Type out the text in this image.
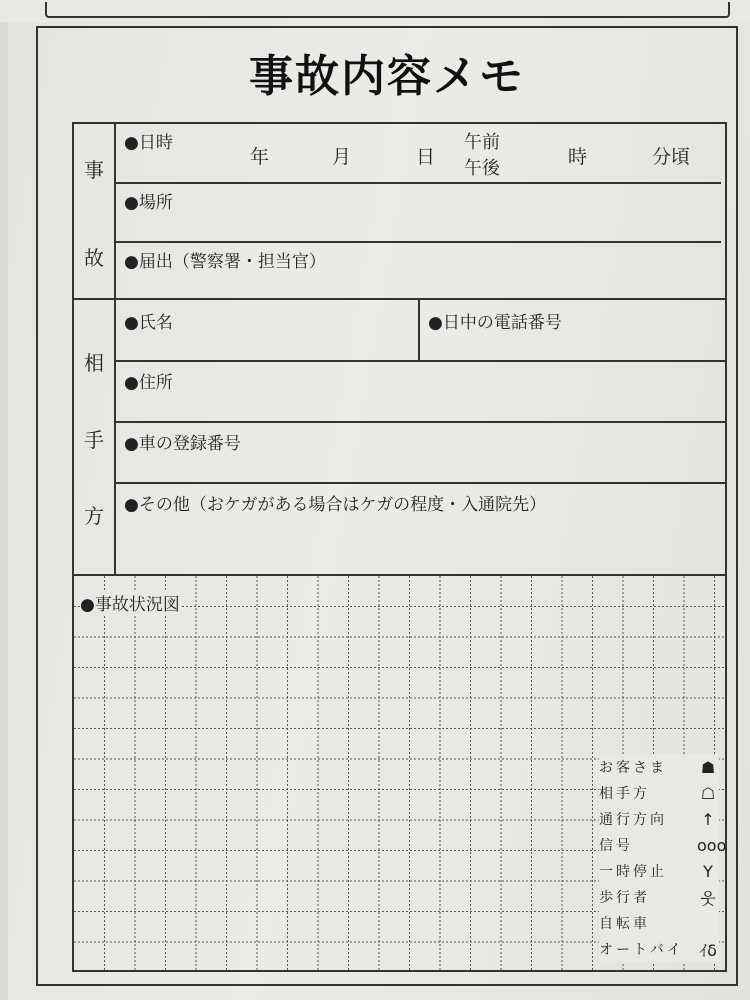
事故内容メモ
事
故
相
手
方
●日時
年	月	日
午前
午後
時	分頃
●場所
●届出（警察署・担当官）
●氏名	●日中の電話番号
●住所
●車の登録番号
●その他（おケガがある場合はケガの程度・入通院先）
●事故状況図
お客さま ☗
相手方	☖
通行方向 ↑
信号	ooo
一時停止	Y
歩行者	웃
自転車
オートバイ ｲδ
